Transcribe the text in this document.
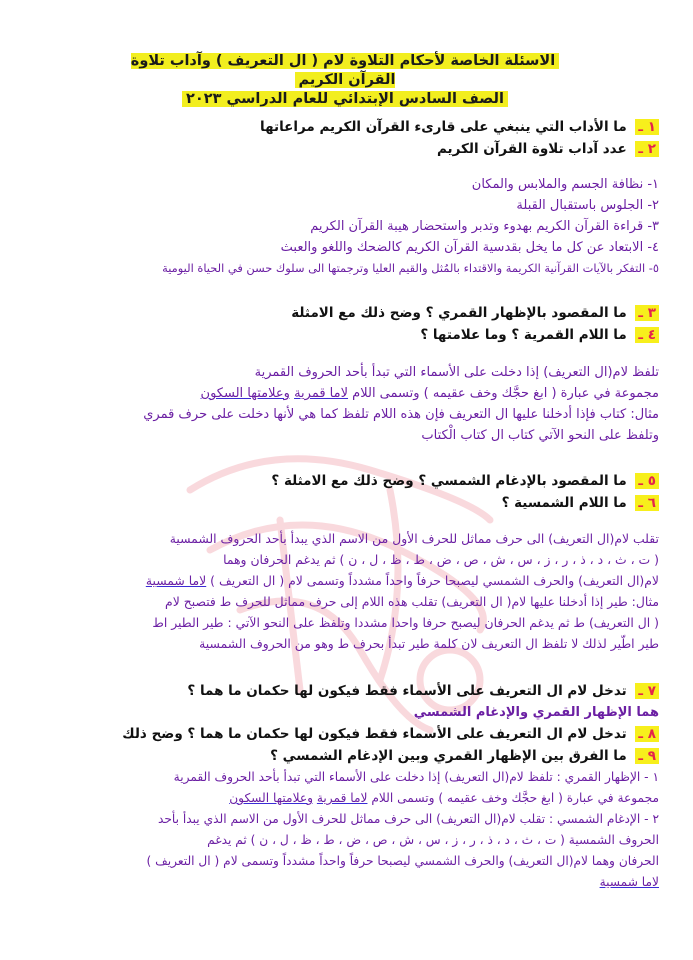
الاسئلة الخاصة لأحكام التلاوة لام ( ال التعريف ) وآداب تلاوة القرآن الكريم
الصف السادس الإبتدائي للعام الدراسي ٢٠٢٣
١ ـ ما الأداب التي ينبغي على قارىء القرآن الكريم مراعاتها
٢ ـ عدد آداب تلاوة القرآن الكريم
١- نظافة الجسم والملابس والمكان
٢- الجلوس باستقبال القبلة
٣- قراءة القرآن الكريم بهدوء وتدبر واستحضار هيبة القرآن الكريم
٤- الابتعاد عن كل ما يخل بقدسية القرآن الكريم كالضحك واللغو والعبث
٥- التفكر بالآيات القرآنية الكريمة والاقتداء بالمُثل والقيم العليا وترجمتها الى سلوك حسن في الحياة اليومية
٣ ـ ما المقصود بالإظهار القمري ؟ وضح ذلك مع الامثلة
٤ ـ ما اللام القمرية ؟ وما علامتها ؟
تلفظ لام(ال التعريف) إذا دخلت على الأسماء التي تبدأ بأحد الحروف القمرية
مجموعة في عبارة ( ابغ حجَّك وخف عقيمه ) وتسمى اللام لاما قمرية وعلامتها السكون
مثال: كتاب فإذا أدخلنا عليها ال التعريف فإن هذه اللام تلفظ كما هي لأنها دخلت على حرف قمري
وتلفظ على النحو الآتي كتاب ال كتاب الْكتاب
٥ ـ ما المقصود بالإدغام الشمسي ؟ وضح ذلك مع الامثلة ؟
٦ ـ ما اللام الشمسية ؟
تقلب لام(ال التعريف) الى حرف مماثل للحرف الأول من الاسم الذي يبدأ بأحد الحروف الشمسية
( ت ، ث ، د ، ذ ، ر ، ز ، س ، ش ، ص ، ض ، ط ، ظ ، ل ، ن ) ثم يدغم الحرفان وهما
لام(ال التعريف) والحرف الشمسي ليصبحا حرفاً واحداً مشدداً وتسمى لام ( ال التعريف ) لاما شمسية
مثال: طير إذا أدخلنا عليها لام( ال التعريف) تقلب هذه اللام إلى حرف مماثل للحرف ط فتصبح لام
( ال التعريف) ط ثم يدغم الحرفان ليصبح حرفا واحدا مشددا وتلفظ على النحو الآتي : طير الطير اط
طير اطّير لذلك لا تلفظ ال التعريف لان كلمة طير تبدأ بحرف ط وهو من الحروف الشمسية
٧ ـ تدخل لام ال التعريف على الأسماء فقط فيكون لها حكمان ما هما ؟
هما الإظهار القمري والإدغام الشمسي
٨ ـ تدخل لام ال التعريف على الأسماء فقط فيكون لها حكمان ما هما ؟ وضح ذلك
٩ ـ ما الفرق بين الإظهار القمري وبين الإدغام الشمسي ؟
١ - الإظهار القمري : تلفظ لام(ال التعريف) إذا دخلت على الأسماء التي تبدأ بأحد الحروف القمرية
مجموعة في عبارة ( ابغ حجَّك وخف عقيمه ) وتسمى اللام لاما قمرية وعلامتها السكون
٢ - الإدغام الشمسي : تقلب لام(ال التعريف) الى حرف مماثل للحرف الأول من الاسم الذي يبدأ بأحد
الحروف الشمسية ( ت ، ث ، د ، ذ ، ر ، ز ، س ، ش ، ص ، ض ، ط ، ظ ، ل ، ن ) ثم يدغم
الحرفان وهما لام(ال التعريف) والحرف الشمسي ليصبحا حرفاً واحداً مشدداً وتسمى لام ( ال التعريف )
لاما شمسية
